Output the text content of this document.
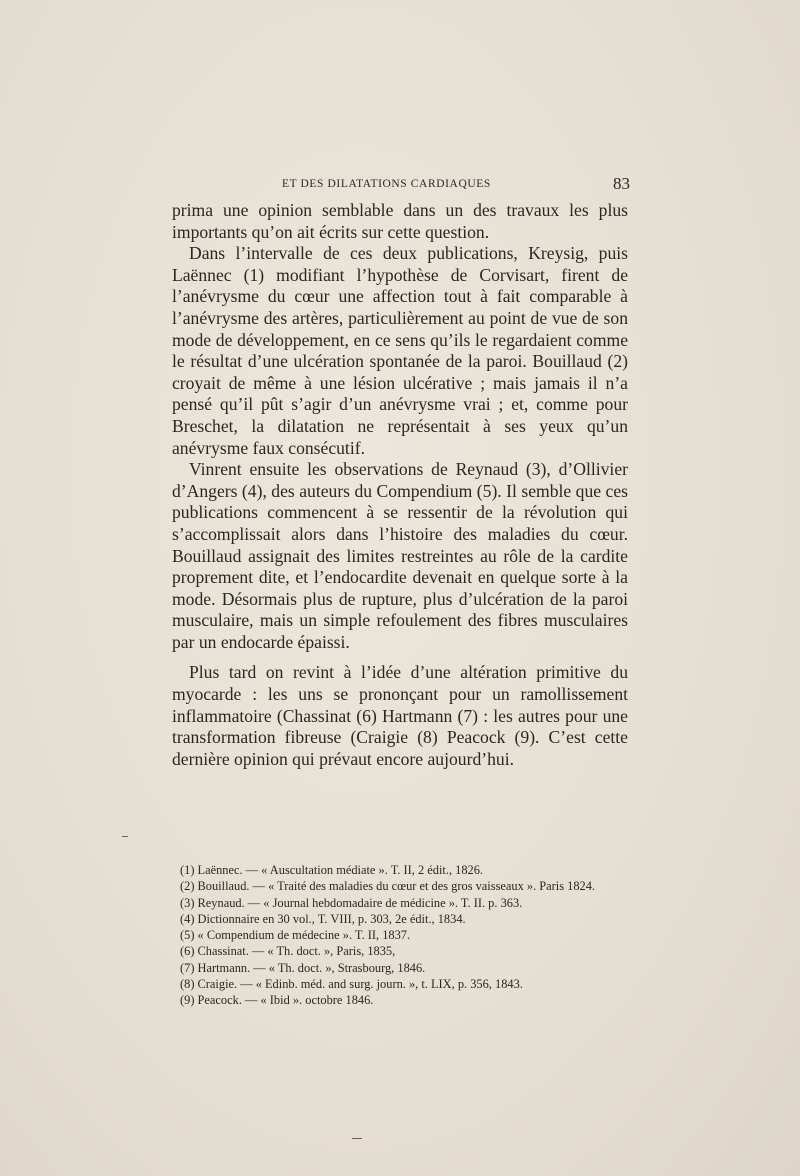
ET DES DILATATIONS CARDIAQUES	83

prima une opinion semblable dans un des travaux les plus importants qu’on ait écrits sur cette question.

Dans l’intervalle de ces deux publications, Kreysig, puis Laënnec (1) modifiant l’hypothèse de Corvisart, firent de l’anévrysme du cœur une affection tout à fait comparable à l’anévrysme des artères, particulièrement au point de vue de son mode de développement, en ce sens qu’ils le regardaient comme le résultat d’une ulcération spontanée de la paroi. Bouillaud (2) croyait de même à une lésion ulcérative ; mais jamais il n’a pensé qu’il pût s’agir d’un anévrysme vrai ; et, comme pour Breschet, la dilatation ne représentait à ses yeux qu’un anévrysme faux consécutif.

Vinrent ensuite les observations de Reynaud (3), d’Ollivier d’Angers (4), des auteurs du Compendium (5). Il semble que ces publications commencent à se ressentir de la révolution qui s’accomplissait alors dans l’histoire des maladies du cœur. Bouillaud assignait des limites restreintes au rôle de la cardite proprement dite, et l’endocardite devenait en quelque sorte à la mode. Désormais plus de rupture, plus d’ulcération de la paroi musculaire, mais un simple refoulement des fibres musculaires par un endocarde épaissi.

Plus tard on revint à l’idée d’une altération primitive du myocarde : les uns se prononçant pour un ramollissement inflammatoire (Chassinat (6) Hartmann (7) : les autres pour une transformation fibreuse (Craigie (8) Peacock (9). C’est cette dernière opinion qui prévaut encore aujourd’hui.

(1) Laënnec. — « Auscultation médiate ». T. II, 2 édit., 1826.

(2) Bouillaud. — « Traité des maladies du cœur et des gros vaisseaux ». Paris 1824.

(3) Reynaud. — « Journal hebdomadaire de médicine ». T. II. p. 363.

(4) Dictionnaire en 30 vol., T. VIII, p. 303, 2e édit., 1834.

(5) « Compendium de médecine ». T. II, 1837.

(6) Chassinat. — « Th. doct. », Paris, 1835,

(7) Hartmann. — « Th. doct. », Strasbourg, 1846.

(8) Craigie. — « Edinb. méd. and surg. journ. », t. LIX, p. 356, 1843.

(9) Peacock. — « Ibid ». octobre 1846.
